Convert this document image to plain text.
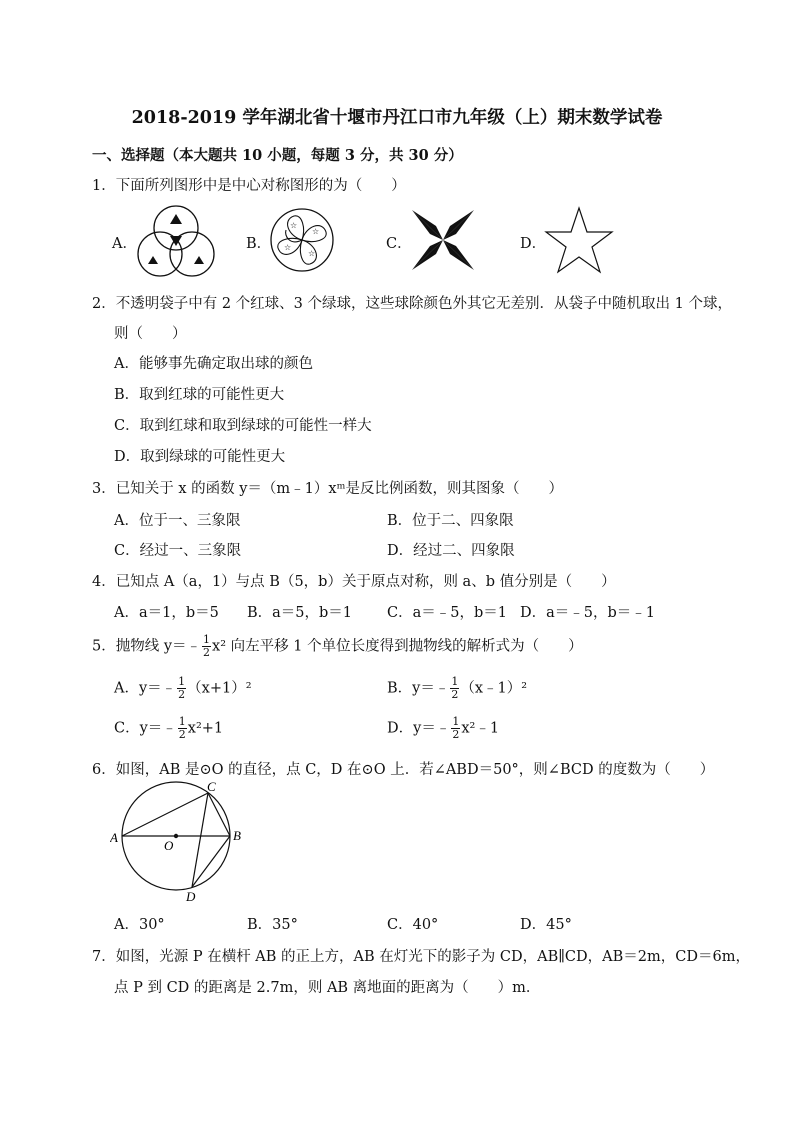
2018-2019 学年湖北省十堰市丹江口市九年级（上）期末数学试卷
一、选择题（本大题共 10 小题，每题 3 分，共 30 分）
1．下面所列图形中是中心对称图形的为（　　）
A．	B．	C．	D．
☆
☆
☆
☆
2．不透明袋子中有 2 个红球、3 个绿球，这些球除颜色外其它无差别．从袋子中随机取出 1 个球，
则（　　）
A．能够事先确定取出球的颜色
B．取到红球的可能性更大
C．取到红球和取到绿球的可能性一样大
D．取到绿球的可能性更大
3．已知关于 x 的函数 y＝（m﹣1）xᵐ是反比例函数，则其图象（　　）
A．位于一、三象限	B．位于二、四象限
C．经过一、三象限	D．经过二、四象限
4．已知点 A（a，1）与点 B（5，b）关于原点对称，则 a、b 值分别是（　　）
A．a＝1，b＝5 B．a＝5，b＝1 C．a＝﹣5，b＝1 D．a＝﹣5，b＝﹣1
5．抛物线 y＝﹣ $\frac{1}{2} x^2$ 向左平移 1 个单位长度得到抛物线的解析式为（　　）
A．y＝﹣ $\frac{1}{2} (x+1)^2$	B．y＝﹣ $\frac{1}{2}$ （x﹣1）²
C．y＝﹣ $\frac{1}{2} x^2+1$	D．y＝﹣ $\frac{1}{2}$ x²﹣1
6．如图，AB 是⊙O 的直径，点 C，D 在⊙O 上．若∠ABD＝50°，则∠BCD 的度数为（　　）
A	B
C
D
O
A．30°	B．35°	C．40°	D．45°
7．如图，光源 P 在横杆 AB 的正上方，AB 在灯光下的影子为 CD，AB∥CD，AB＝2m，CD＝6m，
点 P 到 CD 的距离是 2.7m，则 AB 离地面的距离为（　　）m．
